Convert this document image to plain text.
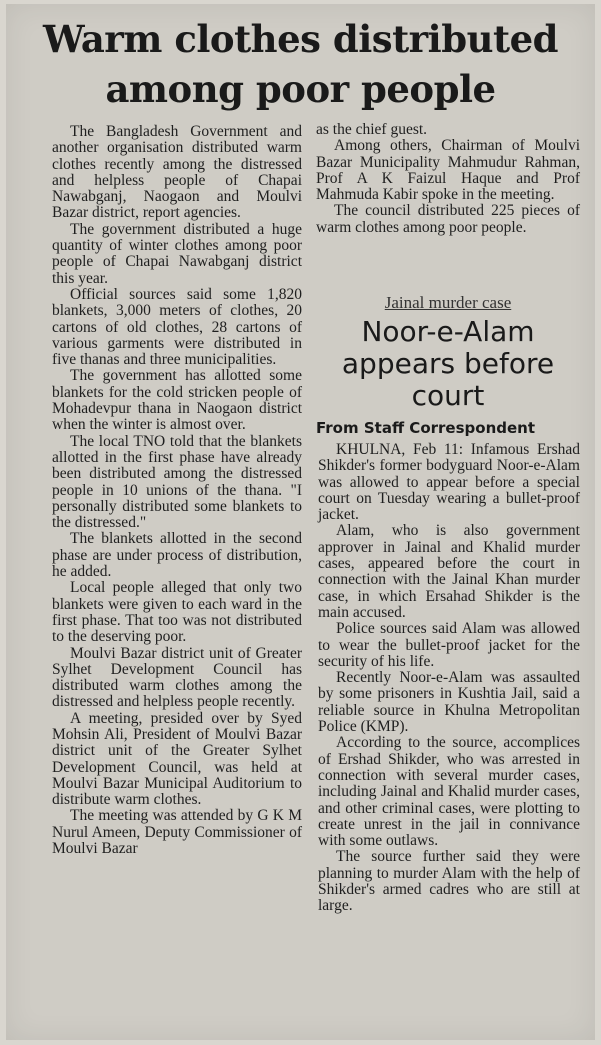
Warm clothes distributed
among poor people

The Bangladesh Government and another organisation distributed warm clothes recently among the distressed and helpless people of Chapai Nawabganj, Naogaon and Moulvi Bazar district, report agencies.

The government distributed a huge quantity of winter clothes among poor people of Chapai Nawabganj district this year.

Official sources said some 1,820 blankets, 3,000 meters of clothes, 20 cartons of old clothes, 28 cartons of various garments were distributed in five thanas and three municipalities.

The government has allotted some blankets for the cold stricken people of Mohadevpur thana in Naogaon district when the winter is almost over.

The local TNO told that the blankets allotted in the first phase have already been distributed among the distressed people in 10 unions of the thana. "I personally distributed some blankets to the distressed."

The blankets allotted in the second phase are under process of distribution, he added.

Local people alleged that only two blankets were given to each ward in the first phase. That too was not distributed to the deserving poor.

Moulvi Bazar district unit of Greater Sylhet Development Council has distributed warm clothes among the distressed and helpless people recently.

A meeting, presided over by Syed Mohsin Ali, President of Moulvi Bazar district unit of the Greater Sylhet Development Council, was held at Moulvi Bazar Municipal Auditorium to distribute warm clothes.

The meeting was attended by G K M Nurul Ameen, Deputy Commissioner of Moulvi Bazar

as the chief guest.

Among others, Chairman of Moulvi Bazar Municipality Mahmudur Rahman, Prof A K Faizul Haque and Prof Mahmuda Kabir spoke in the meeting.

The council distributed 225 pieces of warm clothes among poor people.

Jainal murder case
Noor-e-Alam appears before court
From Staff Correspondent

KHULNA, Feb 11: Infamous Ershad Shikder's former bodyguard Noor-e-Alam was allowed to appear before a special court on Tuesday wearing a bullet-proof jacket.

Alam, who is also government approver in Jainal and Khalid murder cases, appeared before the court in connection with the Jainal Khan murder case, in which Ersahad Shikder is the main accused.

Police sources said Alam was allowed to wear the bullet-proof jacket for the security of his life.

Recently Noor-e-Alam was assaulted by some prisoners in Kushtia Jail, said a reliable source in Khulna Metropolitan Police (KMP).

According to the source, accomplices of Ershad Shikder, who was arrested in connection with several murder cases, including Jainal and Khalid murder cases, and other criminal cases, were plotting to create unrest in the jail in connivance with some outlaws.

The source further said they were planning to murder Alam with the help of Shikder's armed cadres who are still at large.
